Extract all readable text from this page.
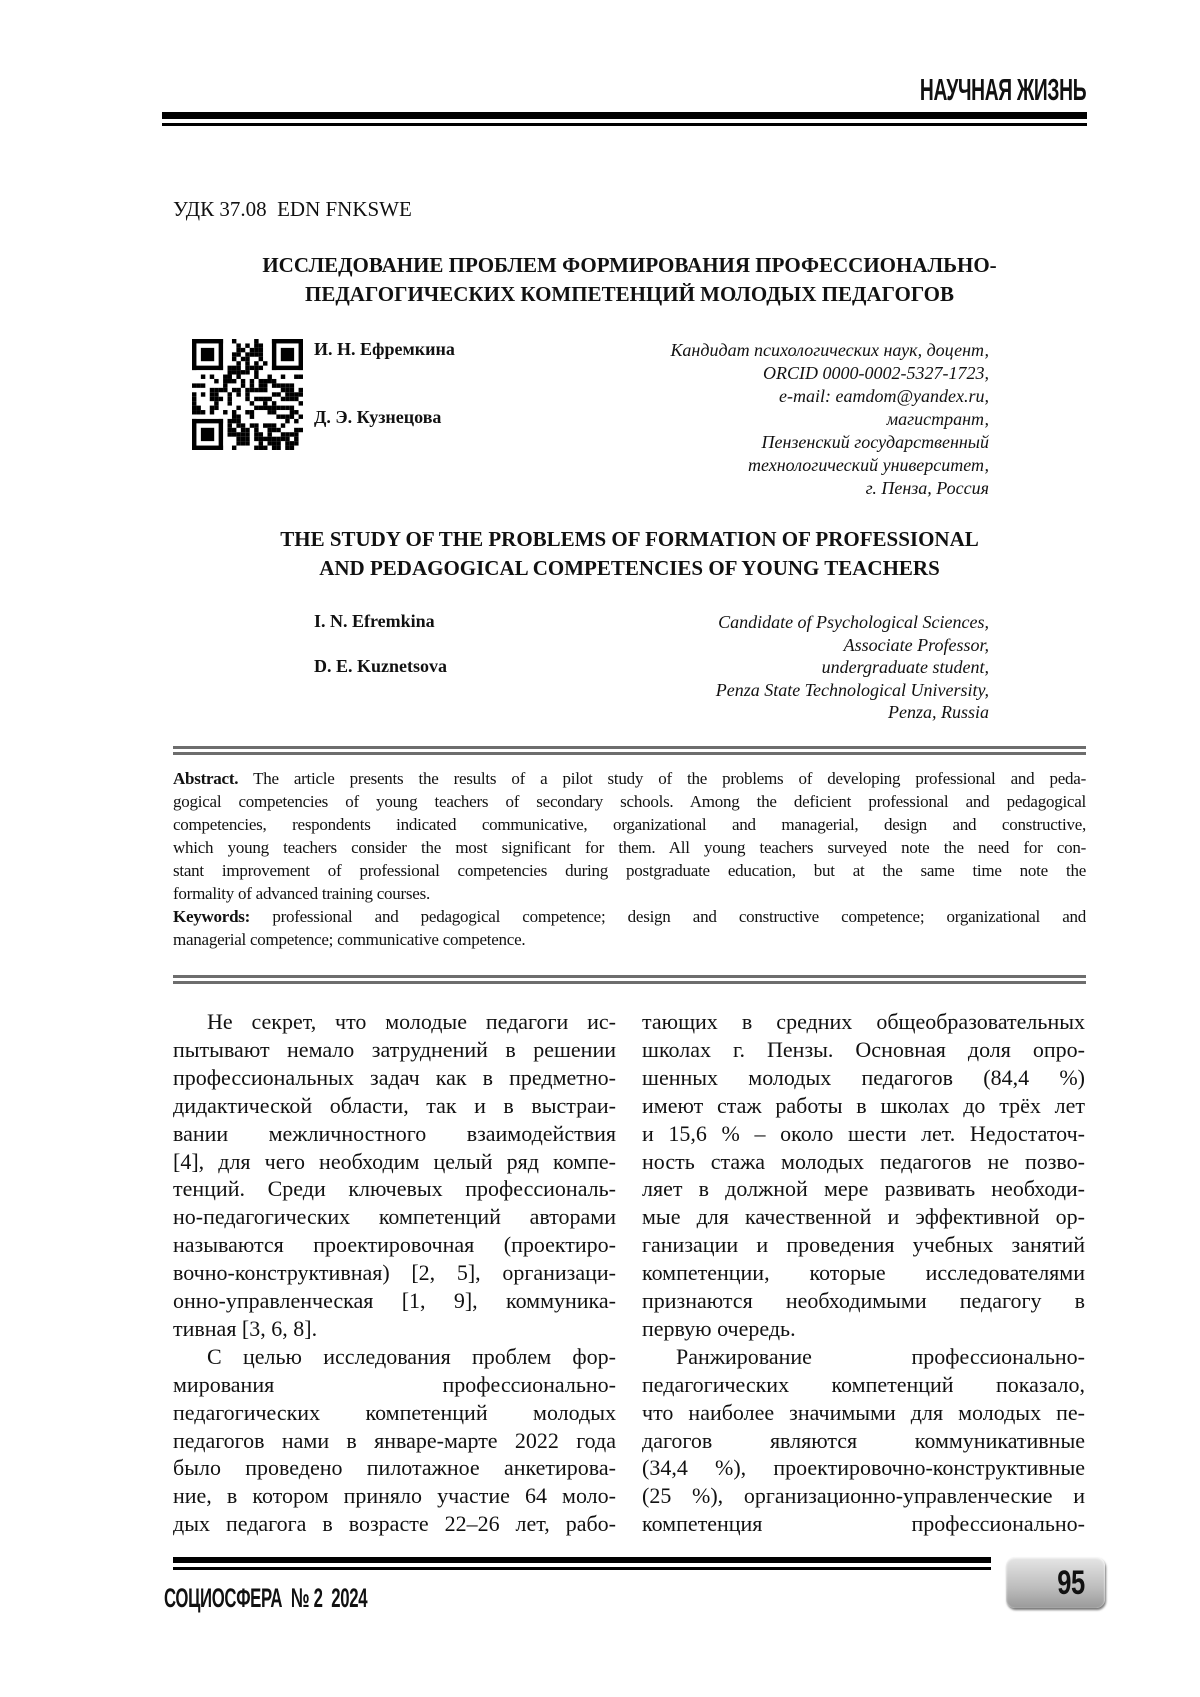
НАУЧНАЯ ЖИЗНЬ
УДК 37.08  EDN FNKSWE
ИССЛЕДОВАНИЕ ПРОБЛЕМ ФОРМИРОВАНИЯ ПРОФЕССИОНАЛЬНО-
ПЕДАГОГИЧЕСКИХ КОМПЕТЕНЦИЙ МОЛОДЫХ ПЕДАГОГОВ
И. Н. Ефремкина
Д. Э. Кузнецова
Кандидат психологических наук, доцент,
ORCID 0000-0002-5327-1723,
e-mail: eamdom@yandex.ru,
магистрант,
Пензенский государственный
технологический университет,
г. Пенза, Россия
THE STUDY OF THE PROBLEMS OF FORMATION OF PROFESSIONAL
AND PEDAGOGICAL COMPETENCIES OF YOUNG TEACHERS
I. N. Efremkina
D. E. Kuznetsova
Candidate of Psychological Sciences,
Associate Professor,
undergraduate student,
Penza State Technological University,
Penza, Russia
Abstract. The article presents the results of a pilot study of the problems of developing professional and peda-
gogical competencies of young teachers of secondary schools. Among the deficient professional and pedagogical
competencies, respondents indicated communicative, organizational and managerial, design and constructive,
which young teachers consider the most significant for them. All young teachers surveyed note the need for con-
stant improvement of professional competencies during postgraduate education, but at the same time note the
formality of advanced training courses.
Keywords: professional and pedagogical competence; design and constructive competence; organizational and
managerial competence; communicative competence.
Не секрет, что молодые педагоги ис-
пытывают немало затруднений в решении
профессиональных задач как в предметно-
дидактической области, так и в выстраи-
вании межличностного взаимодействия
[4], для чего необходим целый ряд компе-
тенций. Среди ключевых профессиональ-
но-педагогических компетенций авторами
называются проектировочная (проектиро-
вочно-конструктивная) [2, 5], организаци-
онно-управленческая [1, 9], коммуника-
тивная [3, 6, 8].
С целью исследования проблем фор-
мирования профессионально-
педагогических компетенций молодых
педагогов нами в январе-марте 2022 года
было проведено пилотажное анкетирова-
ние, в котором приняло участие 64 моло-
дых педагога в возрасте 22–26 лет, рабо-
тающих в средних общеобразовательных
школах г. Пензы. Основная доля опро-
шенных молодых педагогов (84,4 %)
имеют стаж работы в школах до трёх лет
и 15,6 % – около шести лет. Недостаточ-
ность стажа молодых педагогов не позво-
ляет в должной мере развивать необходи-
мые для качественной и эффективной ор-
ганизации и проведения учебных занятий
компетенции, которые исследователями
признаются необходимыми педагогу в
первую очередь.
Ранжирование профессионально-
педагогических компетенций показало,
что наиболее значимыми для молодых пе-
дагогов являются коммуникативные
(34,4 %), проектировочно-конструктивные
(25 %), организационно-управленческие и
компетенция профессионально-
95
СОЦИОСФЕРА  № 2  2024
